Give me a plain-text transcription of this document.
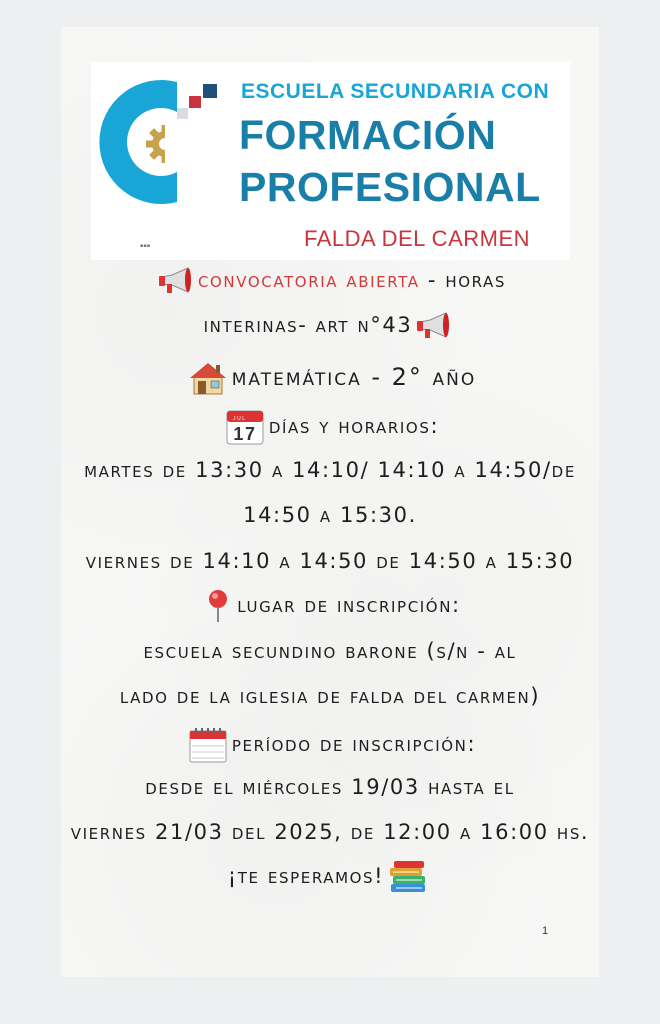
ESCUELA SECUNDARIA CON
FORMACIÓN
PROFESIONAL
FALDA DEL CARMEN
▪▪▪
convocatoria abierta - horas
interinas- art n°43
matemática - 2° año
jul
17 días y horarios:
martes de 13:30 a 14:10/ 14:10 a 14:50/de
14:50 a 15:30.
viernes de 14:10 a 14:50 de 14:50 a 15:30
lugar de inscripción:
escuela secundino barone (s/n - al
lado de la iglesia de falda del carmen)
período de inscripción:
desde el miércoles 19/03 hasta el
viernes 21/03 del 2025, de 12:00 a 16:00 hs.
¡te esperamos!
1
